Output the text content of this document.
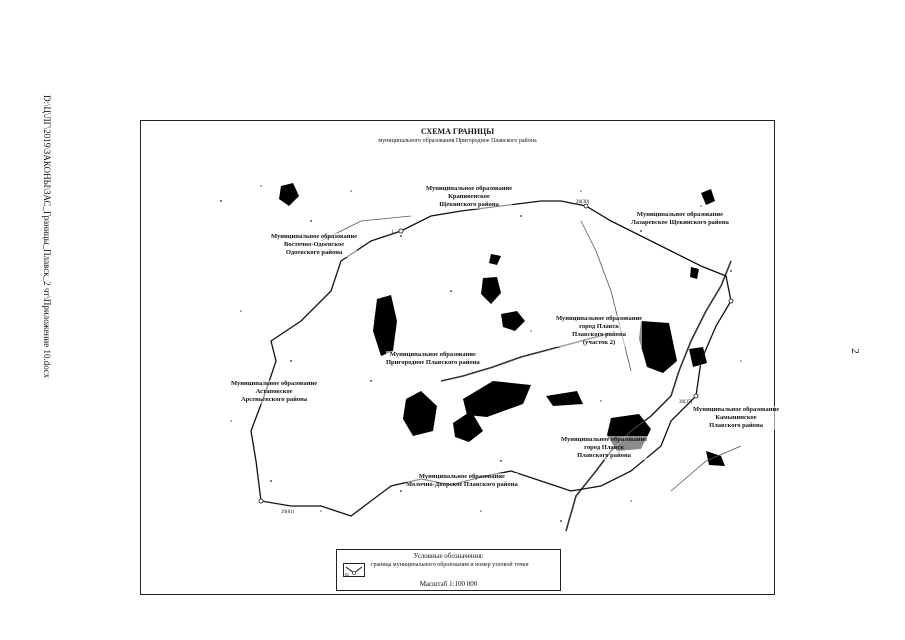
D:\Ц\ЛГ\2019\ЗАКОНЫ\ЗАС_Границы_Плавск_2 чт\Приложение 10.docx	2
СХЕМА ГРАНИЦЫ
муниципального образования Пригородное Плавского района
20(81)
1
30(37)
28(30)
Муниципальное образование
Крапивенское
Щекинского района
Муниципальное образование
Лазаревское Щекинского района
Муниципальное образование
Восточно-Одоевское
Одоевского района
Муниципальное образование
город Плавск
Плавского района
(участок 2)
Муниципальное образование
Пригородное Плавского района
Муниципальное образование
Астаповское
Арсеньевского района
Муниципальное образование
Камынинское
Плавского района
Муниципальное образование
город Плавск
Плавского района
Муниципальное образование
Молочно-Дворское Плавского района
Условные обозначения:
82
граница муниципального образования и номер узловой точки
Масштаб 1:100 000
